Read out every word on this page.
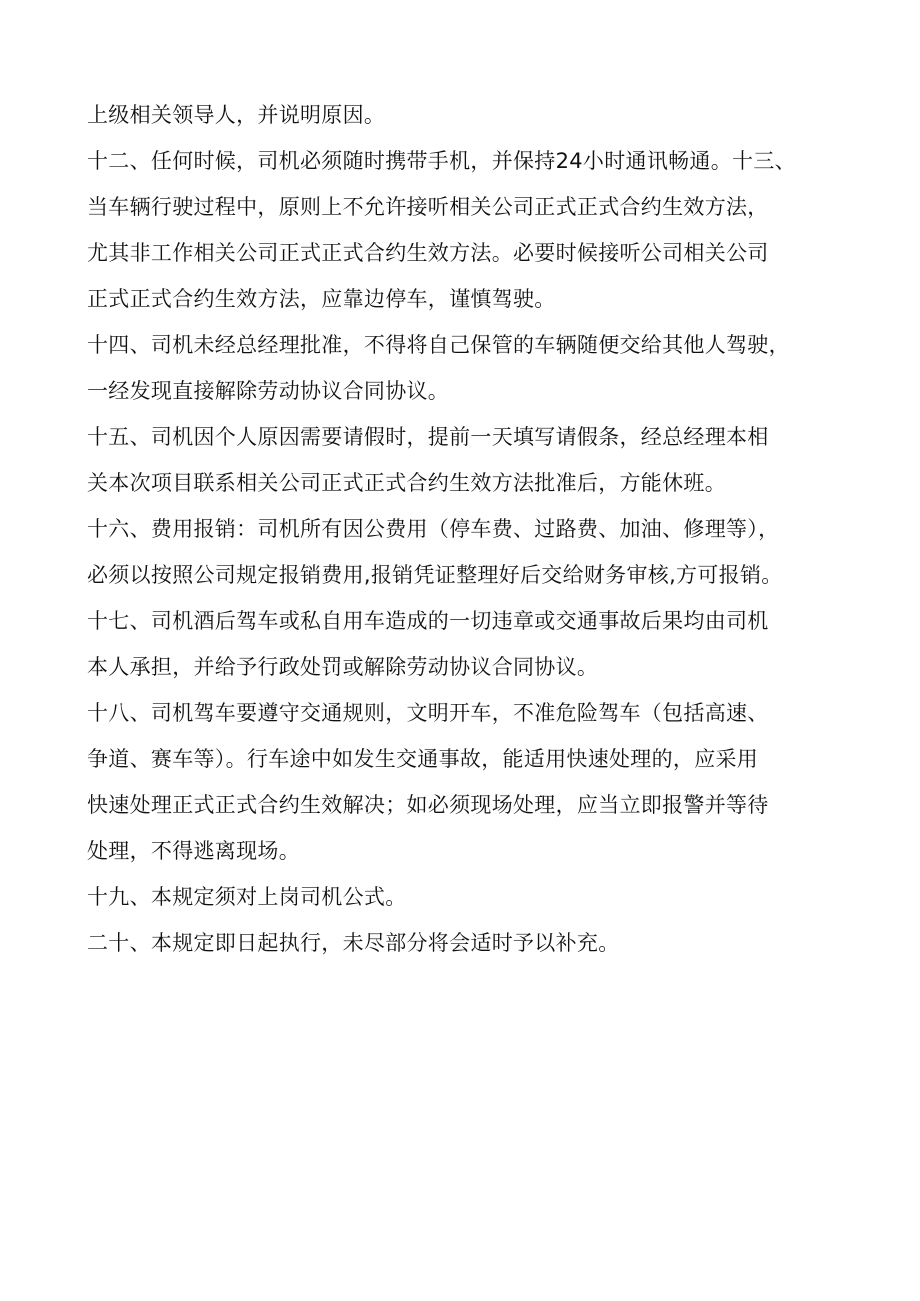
上级相关领导人，并说明原因。
十二、任何时候，司机必须随时携带手机，并保持24小时通讯畅通。十三、
当车辆行驶过程中，原则上不允许接听相关公司正式正式合约生效方法，
尤其非工作相关公司正式正式合约生效方法。必要时候接听公司相关公司
正式正式合约生效方法，应靠边停车，谨慎驾驶。
十四、司机未经总经理批准，不得将自己保管的车辆随便交给其他人驾驶，
一经发现直接解除劳动协议合同协议。
十五、司机因个人原因需要请假时，提前一天填写请假条，经总经理本相
关本次项目联系相关公司正式正式合约生效方法批准后，方能休班。
十六、费用报销：司机所有因公费用（停车费、过路费、加油、修理等），
必须以按照公司规定报销费用,报销凭证整理好后交给财务审核,方可报销。
十七、司机酒后驾车或私自用车造成的一切违章或交通事故后果均由司机
本人承担，并给予行政处罚或解除劳动协议合同协议。
十八、司机驾车要遵守交通规则，文明开车，不准危险驾车（包括高速、
争道、赛车等）。行车途中如发生交通事故，能适用快速处理的，应采用
快速处理正式正式合约生效解决；如必须现场处理，应当立即报警并等待
处理，不得逃离现场。
十九、本规定须对上岗司机公式。
二十、本规定即日起执行，未尽部分将会适时予以补充。
